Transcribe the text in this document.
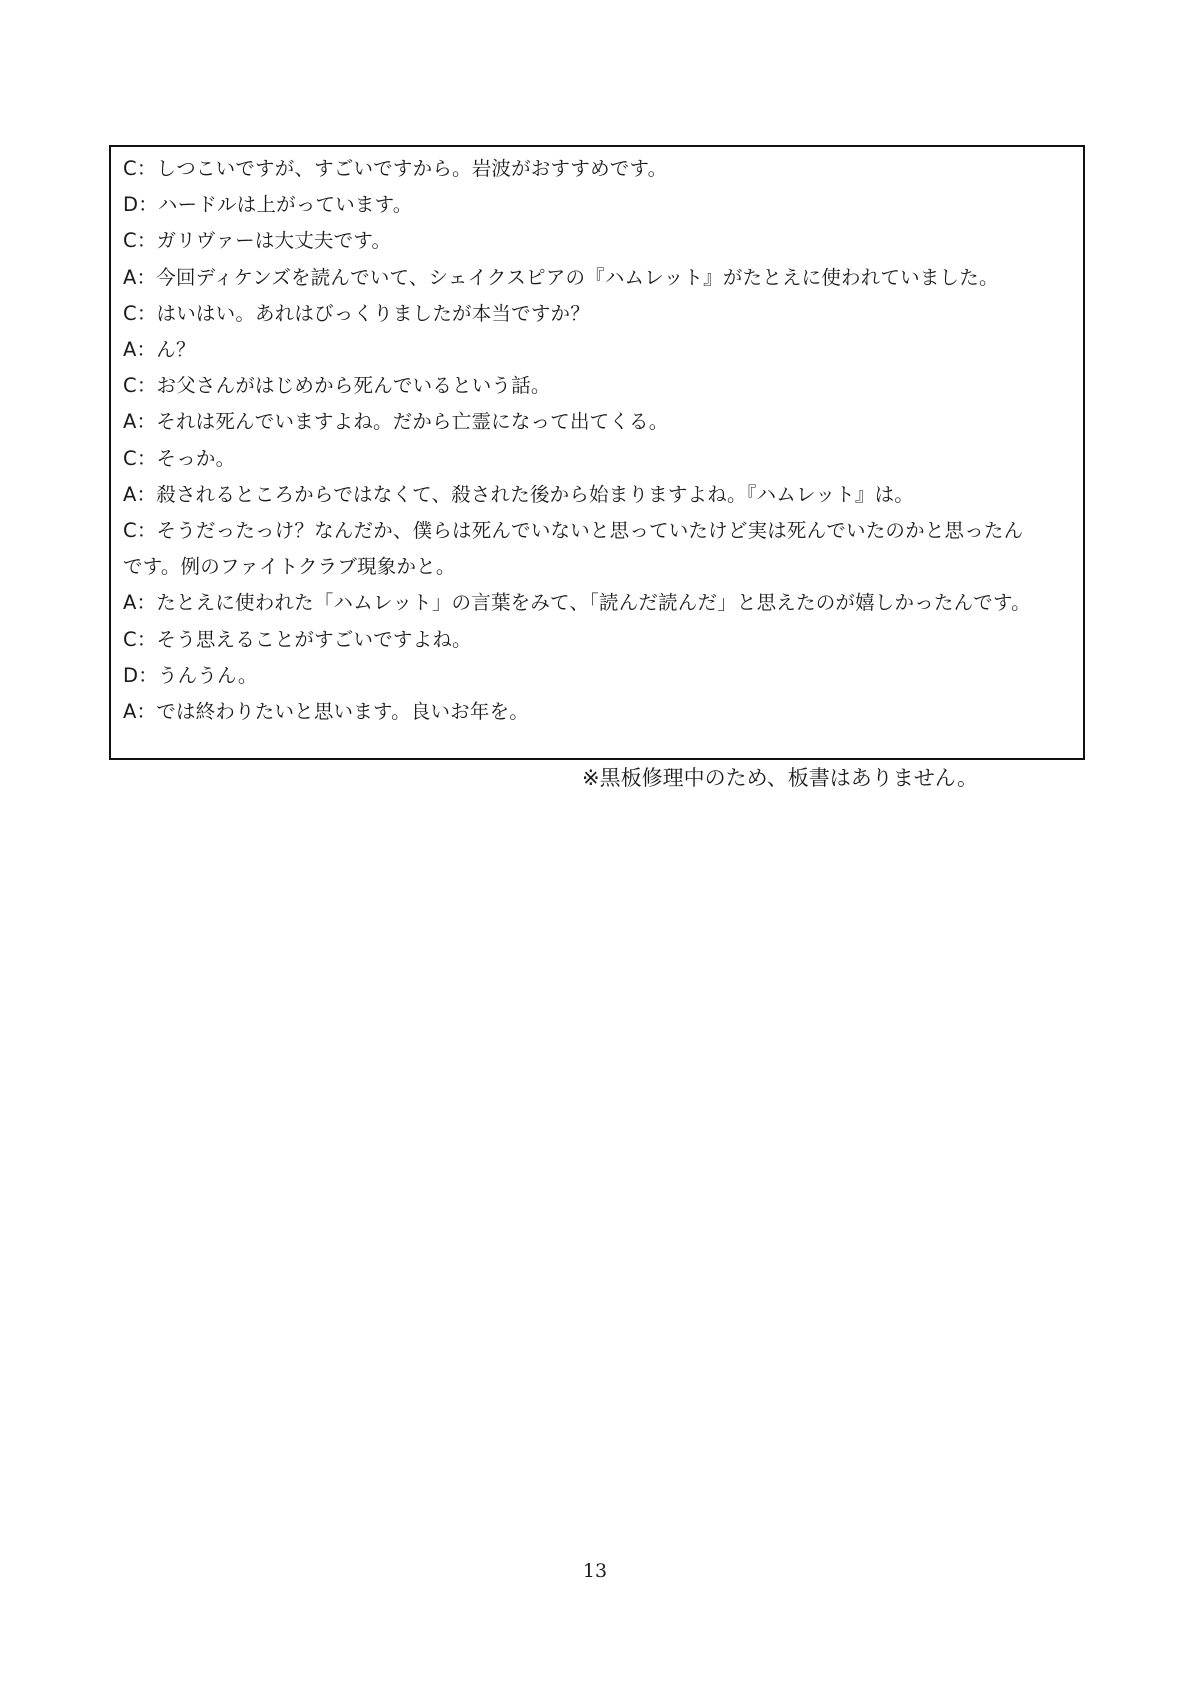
C：しつこいですが、すごいですから。岩波がおすすめです。
D：ハードルは上がっています。
C：ガリヴァーは大丈夫です。
A：今回ディケンズを読んでいて、シェイクスピアの『ハムレット』がたとえに使われていました。
C：はいはい。あれはびっくりましたが本当ですか？
A：ん？
C：お父さんがはじめから死んでいるという話。
A：それは死んでいますよね。だから亡霊になって出てくる。
C：そっか。
A：殺されるところからではなくて、殺された後から始まりますよね。『ハムレット』は。
C：そうだったっけ？なんだか、僕らは死んでいないと思っていたけど実は死んでいたのかと思ったん
です。例のファイトクラブ現象かと。
A：たとえに使われた「ハムレット」の言葉をみて、「読んだ読んだ」と思えたのが嬉しかったんです。
C：そう思えることがすごいですよね。
D：うんうん。
A：では終わりたいと思います。良いお年を。
※黒板修理中のため、板書はありません。
13
